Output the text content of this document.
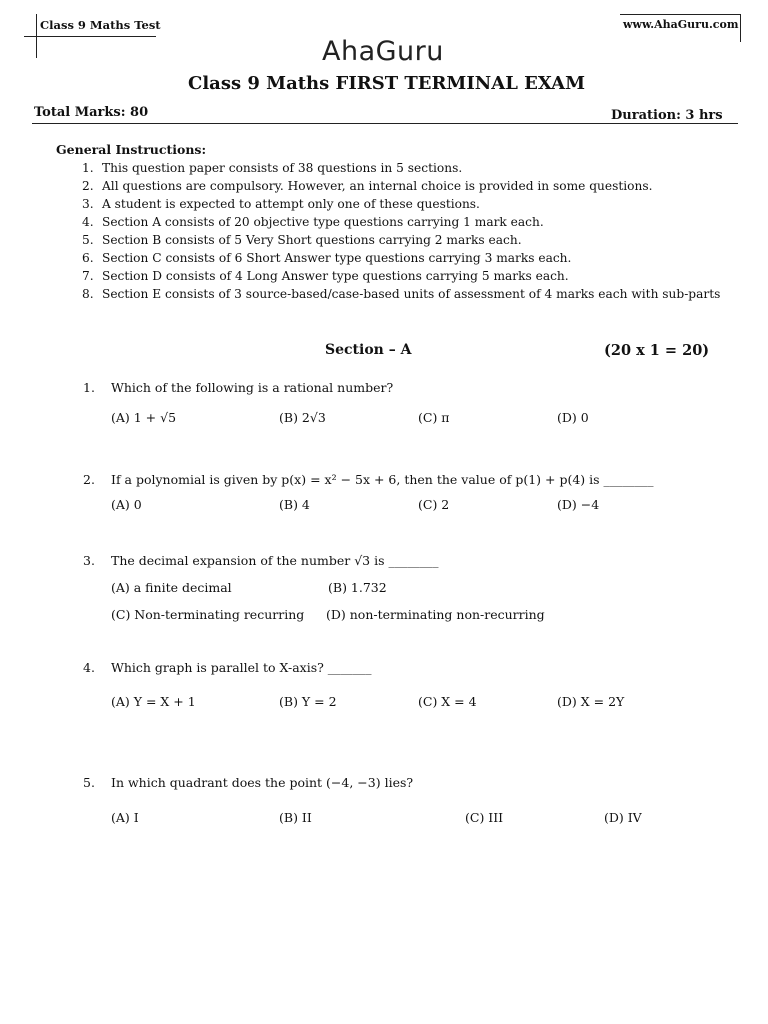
Class 9 Maths Test	www.AhaGuru.com
AhaGuru
Class 9 Maths FIRST TERMINAL EXAM
Total Marks: 80	Duration: 3 hrs
General Instructions:
1. This question paper consists of 38 questions in 5 sections.
2. All questions are compulsory. However, an internal choice is provided in some questions.
3. A student is expected to attempt only one of these questions.
4. Section A consists of 20 objective type questions carrying 1 mark each.
5. Section B consists of 5 Very Short questions carrying 2 marks each.
6. Section C consists of 6 Short Answer type questions carrying 3 marks each.
7. Section D consists of 4 Long Answer type questions carrying 5 marks each.
8. Section E consists of 3 source-based/case-based units of assessment of 4 marks each with sub-parts
Section – A	(20 x 1 = 20)
1. Which of the following is a rational number?
(A) 1 + √5	(B) 2√3	(C) π	(D) 0
2. If a polynomial is given by p(x) = x² − 5x + 6, then the value of p(1) + p(4) is ________
(A) 0	(B) 4	(C) 2	(D) −4
3. The decimal expansion of the number √3 is ________
(A) a finite decimal	(B) 1.732
(C) Non-terminating recurring (D) non-terminating non-recurring
4. Which graph is parallel to X-axis? _______
(A) Y = X + 1	(B) Y = 2	(C) X = 4	(D) X = 2Y
5. In which quadrant does the point (−4, −3) lies?
(A) I	(B) II	(C) III	(D) IV
